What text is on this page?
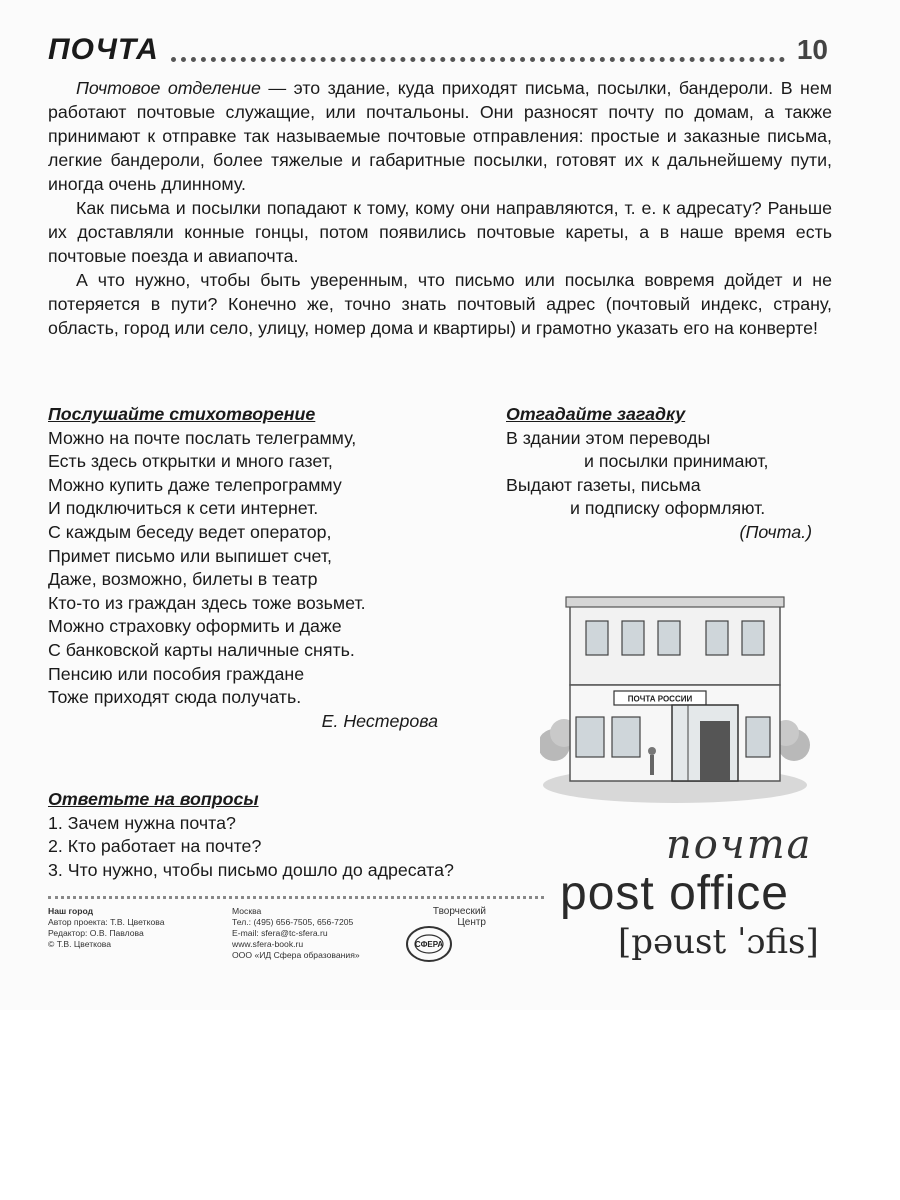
ПОЧТА	10

Почтовое отделение — это здание, куда приходят письма, посылки, бандероли. В нем работают почтовые служащие, или почтальоны. Они разносят почту по домам, а также принимают к отправке так называемые почтовые отправления: простые и заказные письма, легкие бандероли, более тяжелые и габаритные посылки, готовят их к дальнейшему пути, иногда очень длинному.

Как письма и посылки попадают к тому, кому они направляются, т. е. к адресату? Раньше их доставляли конные гонцы, потом появились почтовые кареты, а в наше время есть почтовые поезда и авиапочта.

А что нужно, чтобы быть уверенным, что письмо или посылка вовремя дойдет и не потеряется в пути? Конечно же, точно знать почтовый адрес (почтовый индекс, страну, область, город или село, улицу, номер дома и квартиры) и грамотно указать его на конверте!

Послушайте стихотворение
Можно на почте послать телеграмму,
Есть здесь открытки и много газет,
Можно купить даже телепрограмму
И подключиться к сети интернет.
С каждым беседу ведет оператор,
Примет письмо или выпишет счет,
Даже, возможно, билеты в театр
Кто-то из граждан здесь тоже возьмет.
Можно страховку оформить и даже
С банковской карты наличные снять.
Пенсию или пособия граждане
Тоже приходят сюда получать.
Е. Нестерова
Отгадайте загадку
В здании этом переводы
и посылки принимают,
Выдают газеты, письма
и подписку оформляют.
(Почта.)
Ответьте на вопросы
1. Зачем нужна почта?
2. Кто работает на почте?
3. Что нужно, чтобы письмо дошло до адресата?
ПОЧТА РОССИИ
почта
post office
[pəust ˈɔfis]
Наш город
Автор проекта: Т.В. Цветкова
Редактор: О.В. Павлова
© Т.В. Цветкова
Москва
Тел.: (495) 656-7505, 656-7205
E-mail: sfera@tc-sfera.ru
www.sfera-book.ru
ООО «ИД Сфера образования»
Творческий
Центр
СФЕРА
